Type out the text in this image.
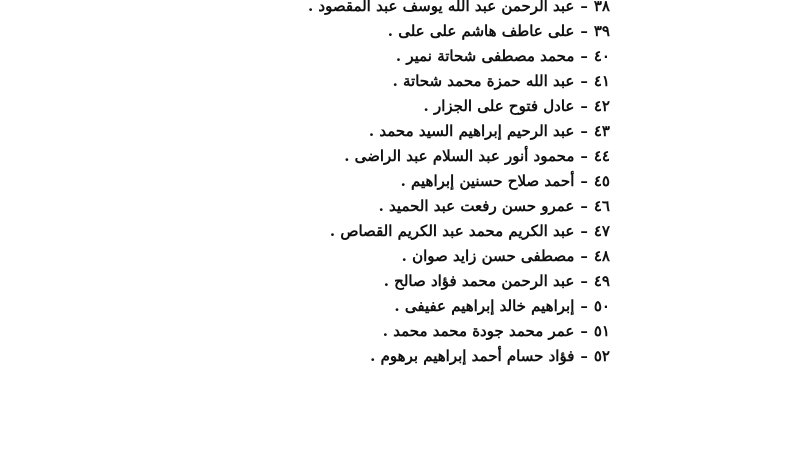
٣٨–عبد الرحمن عبد الله يوسف عبد المقصود .
٣٩–على عاطف هاشم على على .
٤٠–محمد مصطفى شحاتة نمير .
٤١–عبد الله حمزة محمد شحاتة .
٤٢–عادل فتوح على الجزار .
٤٣–عبد الرحيم إبراهيم السيد محمد .
٤٤–محمود أنور عبد السلام عبد الراضى .
٤٥–أحمد صلاح حسنين إبراهيم .
٤٦–عمرو حسن رفعت عبد الحميد .
٤٧–عبد الكريم محمد عبد الكريم القصاص .
٤٨–مصطفى حسن زايد صوان .
٤٩–عبد الرحمن محمد فؤاد صالح .
٥٠–إبراهيم خالد إبراهيم عفيفى .
٥١–عمر محمد جودة محمد محمد .
٥٢–فؤاد حسام أحمد إبراهيم برهوم .
